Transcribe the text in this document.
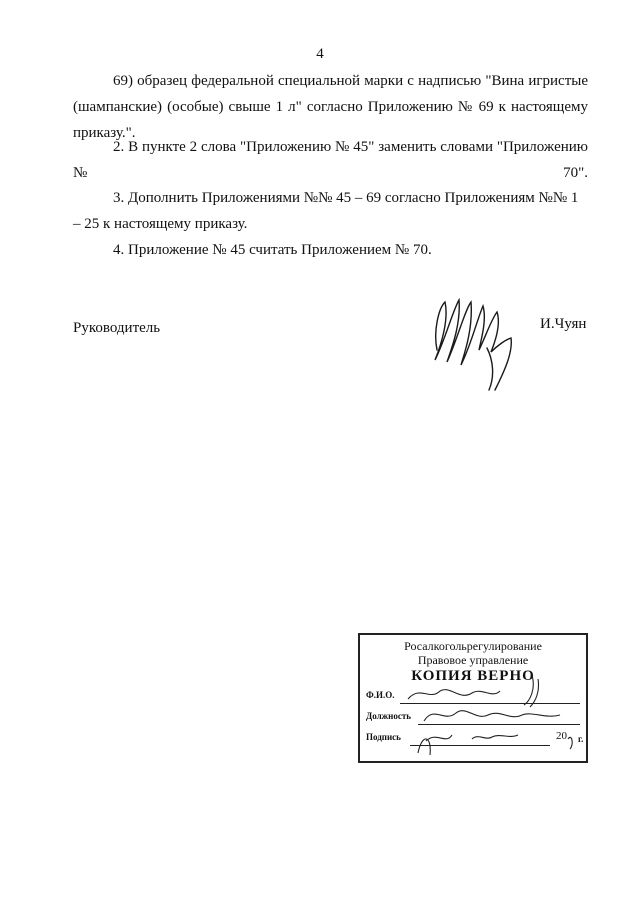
4
69) образец федеральной специальной марки с надписью "Вина игристые (шампанские) (особые) свыше 1 л" согласно Приложению № 69 к настоящему приказу.".
2. В пункте 2 слова "Приложению № 45" заменить словами "Приложению № 70".
3. Дополнить Приложениями №№ 45 – 69 согласно Приложениям №№ 1 – 25 к настоящему приказу.
4. Приложение № 45 считать Приложением № 70.
Руководитель	И.Чуян
Росалкогольрегулирование
Правовое управление
КОПИЯ ВЕРНО
Ф.И.О.
Должность
Подпись	20 г.
